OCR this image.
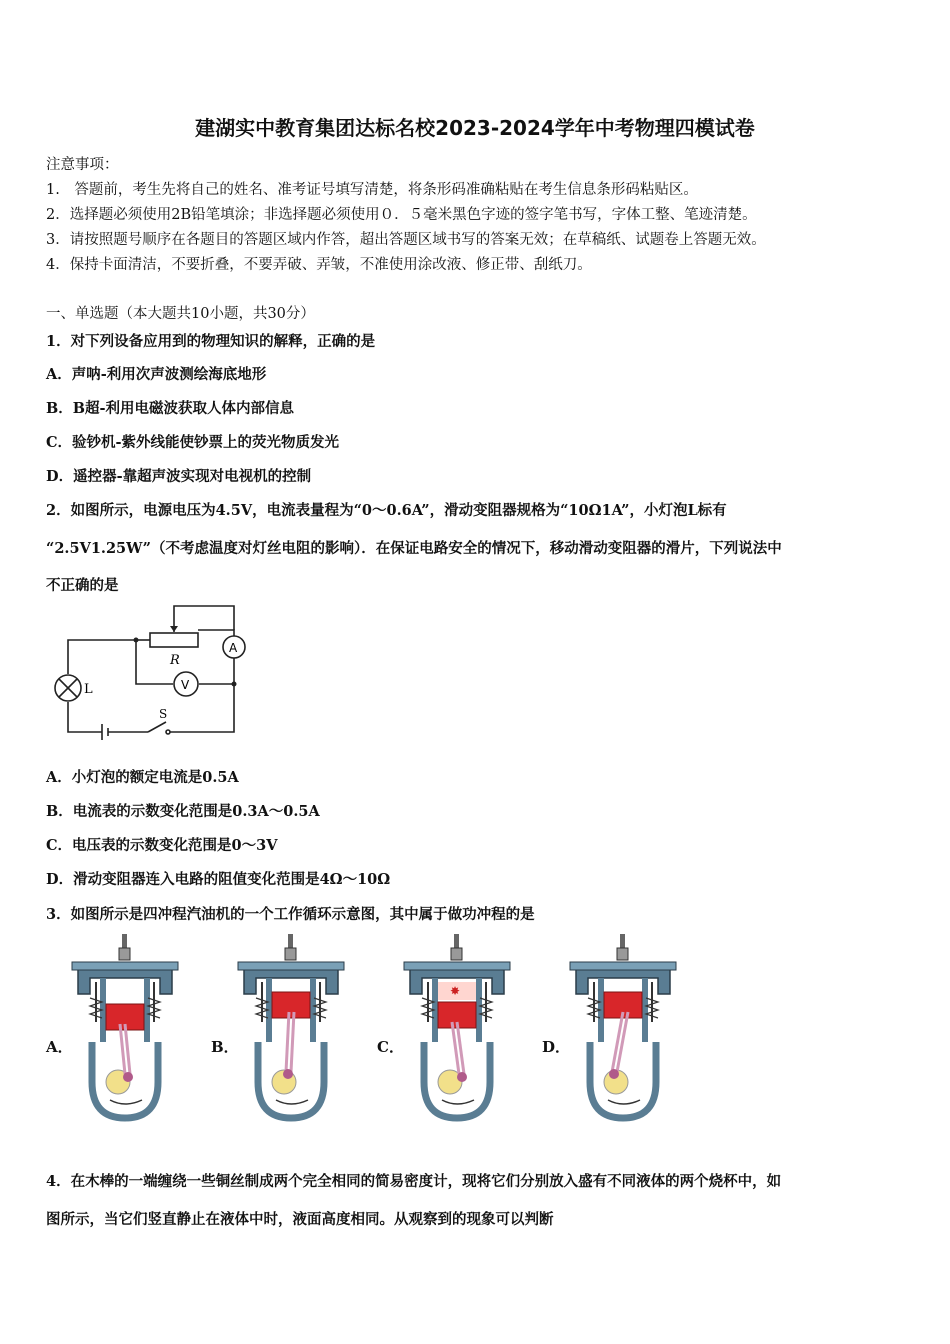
建湖实中教育集团达标名校2023-2024学年中考物理四模试卷
注意事项：
1.　答题前，考生先将自己的姓名、准考证号填写清楚，将条形码准确粘贴在考生信息条形码粘贴区。
2．选择题必须使用2B铅笔填涂；非选择题必须使用０．５毫米黑色字迹的签字笔书写，字体工整、笔迹清楚。
3．请按照题号顺序在各题目的答题区域内作答，超出答题区域书写的答案无效；在草稿纸、试题卷上答题无效。
4．保持卡面清洁，不要折叠，不要弄破、弄皱，不准使用涂改液、修正带、刮纸刀。
一、单选题（本大题共10小题，共30分）
1．对下列设备应用到的物理知识的解释，正确的是
A．声呐-利用次声波测绘海底地形
B．B超-利用电磁波获取人体内部信息
C．验钞机-紫外线能使钞票上的荧光物质发光
D．遥控器-靠超声波实现对电视机的控制
2．如图所示，电源电压为4.5V，电流表量程为“0～0.6A”，滑动变阻器规格为“10Ω1A”，小灯泡L标有
“2.5V1.25W”（不考虑温度对灯丝电阻的影响）．在保证电路安全的情况下，移动滑动变阻器的滑片，下列说法中
不正确的是
R
A
V
L
S
A．小灯泡的额定电流是0.5A
B．电流表的示数变化范围是0.3A～0.5A
C．电压表的示数变化范围是0～3V
D．滑动变阻器连入电路的阻值变化范围是4Ω～10Ω
3．如图所示是四冲程汽油机的一个工作循环示意图，其中属于做功冲程的是
A．	B．	C．	D．
✸
4．在木棒的一端缠绕一些铜丝制成两个完全相同的简易密度计，现将它们分别放入盛有不同液体的两个烧杯中，如
图所示，当它们竖直静止在液体中时，液面高度相同。从观察到的现象可以判断
